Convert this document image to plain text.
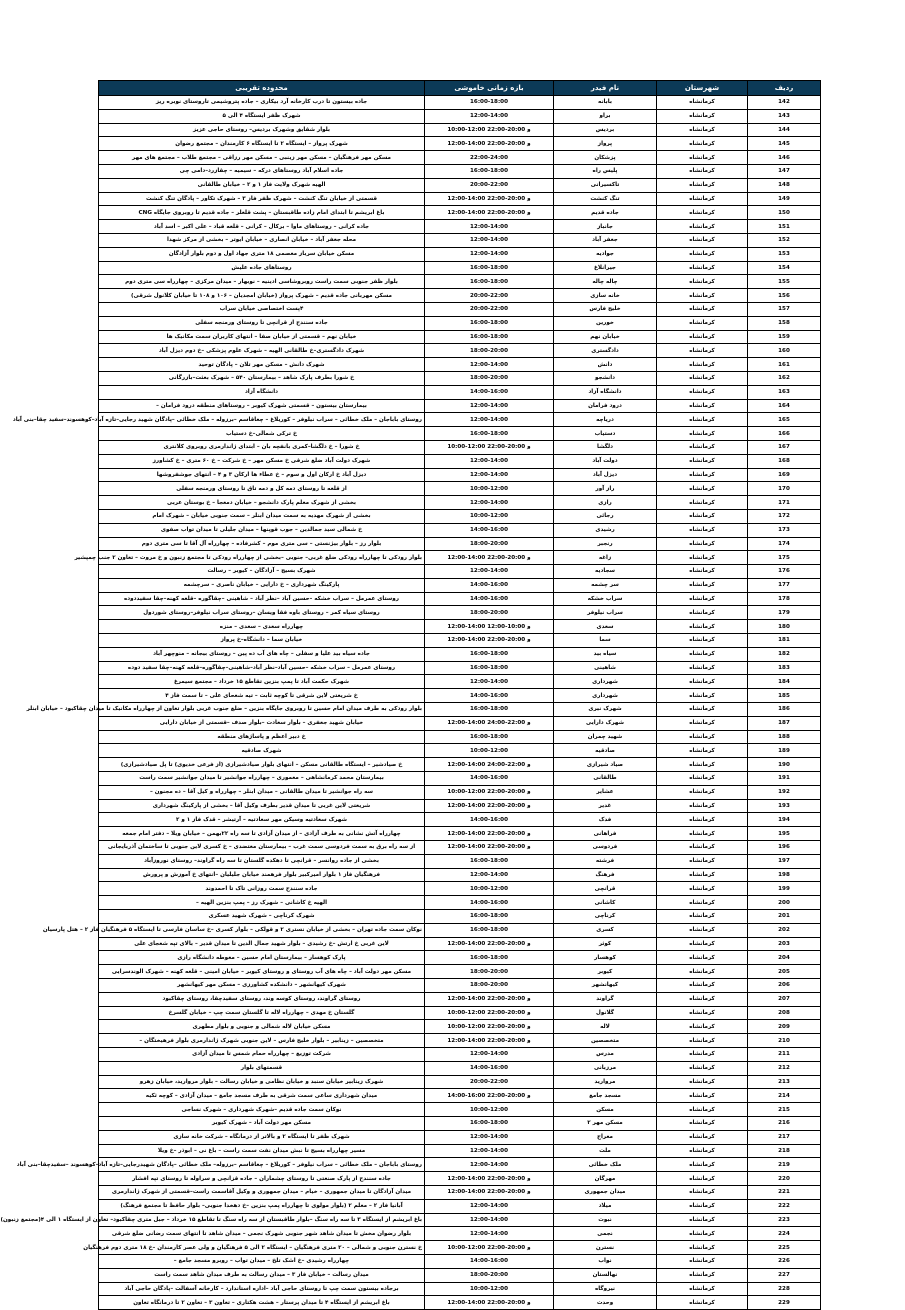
ردیف	شهرستان	نام فیدر	بازه زمانی خاموشی	محدوده تقریبی
142	کرمانشاه	بابانه	16:00-18:00	جاده بیستون تا درب کارخانه آرد بیکاری – جاده پتروشیمی تاروستای نوبره ریز
143	کرمانشاه	براو	12:00-14:00	شهرک ظفر ایستگاه ۴ الی ۵
144	کرمانشاه	بردیس	10:00-12:00 و 20:00-22:00	بلوار شقایق وشهرک بردیس– روستای حاجی عزیز
145	کرمانشاه	پرواز	12:00-14:00 و 20:00-22:00	شهرک پرواز – ایستگاه ۲ تا ایستگاه ۶ کارمندان – مجتمع رضوان
146	کرمانشاه	پزشکان	22:00-24:00	مسکن مهر فرهنگیان – مسکن مهر زینبی – مسکن مهر رزاقی – مجتمع طلاب – مجتمع های مهر
147	کرمانشاه	پلیس راه	16:00-18:00	جاده اسلام آباد روستاهای درکه – سیمیه – چقازرد–دامی چی
148	کرمانشاه	تاکسیرانی	20:00-22:00	الهیه شهرک ولایت فاز ۱ و ۲ – خیابان طالقانی
149	کرمانشاه	تنگ کنشت	12:00-14:00 و 20:00-22:00	قسمتی از خیابان تنگ کنشت – شهرک ظفر فاز ۳ – شهرک تکاور – پادگان تنگ کنشت
150	کرمانشاه	جاده قدیم	12:00-14:00 و 20:00-22:00	باغ ابریشم تا ابتدای امام زاده طاقبستان – پشت قلعلر – جاده قدیم تا روبروی جایگاه CNG
151	کرمانشاه	جانباز	12:00-14:00	جاده کرانی – روستاهای ماوا – برکال – کرانی – قلعه قباد – علی اکبر – اسد آباد
152	کرمانشاه	جعفر آباد	12:00-14:00	محله جعفر آباد – خیابان انصاری – خیابان ایوتر – بخشی از مرکز شهدا
153	کرمانشاه	جوادیه	12:00-14:00	مسکن خیابان سرباز معصمی ۱۸ متری جهاد اول و دوم بلوار آزادگان
154	کرمانشاه	جیرانلاغ	16:00-18:00	روستاهای جاده علیش
155	کرمانشاه	چاله چاله	16:00-18:00	بلوار ظفر جنوبی سمت راست روبروشاسی ادینیه – نوبهار – میدان مرکزی – چهارراه سی متری دوم
156	کرمانشاه	خانه سازی	20:00-22:00	مسکن مهربانی جاده قدیم – شهرک پرواز (خیابان امجدیان – ۱۰۶ و ۱۰۸ تا خیابان کلانول شرقی)
157	کرمانشاه	خلیج فارس	20:00-22:00	۴پست اختصاصی خیابان سراب
158	کرمانشاه	خورین	16:00-18:00	جاده سنندج از قرانچی تا روستای ورمنجه سفلی
159	کرمانشاه	خیابان نهم	16:00-18:00	خیابان نهم – قسمتی از خیابان صفا – انتهای کاربران سمت مکانیک ها
160	کرمانشاه	دادگستری	18:00-20:00	شهرک دادگستری–خ طالقانی الهیه – شهرک علوم پزشکی –خ دوم دیزل آباد
161	کرمانشاه	دانش	12:00-14:00	شهرک دانش – مسکن مهر تلان – پادگان توحید
162	کرمانشاه	دانشجو	18:00-20:00	خ شورا بطرف پارک شاهد – بیمارستان ۵۴۰ – شهرک بعثت–بازرگانی
163	کرمانشاه	دانشگاه آزاد	14:00-16:00	دانشگاه آزاد
164	کرمانشاه	درود فرامان	12:00-14:00	بیمارستان بیستون – قسمتی شهرک کیوبر – روستاهای منطقه درود فرامان –
165	کرمانشاه	درياچه	12:00-14:00	روستای باباجان – ملک خطائی – سراب نیلوفر – کوریلاغ – چغاقاسم –برزوله – ملک خطائی –پادگان شهید رجایی–تازه آباد–کوهسوند–سفید چقا–بنی آباد
166	کرمانشاه	دستیاب	16:00-18:00	خ ترکی شمالی–خ دستیاب
167	کرمانشاه	دلگشا	10:00-12:00 و 20:00-22:00	خ شورا – خ دلگشا–کمری بانفچه بان – ابتدای ژاندارمری روبروی کلانتری
168	کرمانشاه	دولت آباد	12:00-14:00	شهرک دولت آباد ضلع شرقی خ مسکن مهر – خ شرکت – خ ۶۰ متری – خ کشاورز
169	کرمانشاه	دیزل آباد	12:00-14:00	دیزل آباد خ ارکان اول و سوم – خ عطاء ها ارکان ۳ و ۴ – انتهای جوشفروشها
170	کرمانشاه	راز آور	10:00-12:00	از قلعه تا روستای دمه کل و دمه تاق تا روستای ورمنجه سفلی
171	کرمانشاه	رازی	12:00-14:00	بخشی از شهرک معلم پارک دانشجو – خیابان دمعجا – خ بوستان عربی
172	کرمانشاه	رجائی	10:00-12:00	بخشی از شهرک مهدیه به سمت میدان ابنلر – سمت جنوبی خیابان – شهرک امام
173	کرمانشاه	رشیدی	14:00-16:00	خ شمالی سید جمالدین – جوب قوپنها – میدان جلیلی تا میدان تواب صفوی
174	کرمانشاه	رنجبر	18:00-20:00	بلوار رز – بلوار بیژنستی – سی متری موم – کشرفاده – چهارراه آل آقا تا سی متری دوم
175	کرمانشاه	زاغه	12:00-14:00 و 20:00-22:00	بلوار رودکی تا چهارراه رودکی ضلع غربی– جنوبی –بخشی از چهارراه رودکی تا مجتمع زنبون و خ مروت – تعاون ۲ جنب چمپشیر
176	کرمانشاه	سجادیه	12:00-14:00	شهرک بسیج – آزادگان – کیوبر – رسالت
177	کرمانشاه	سر چشمه	14:00-16:00	پارکینگ شهرداری – خ دارایی – خیابان ناصری – سرچشمه
178	کرمانشاه	سراب خشکه	14:00-16:00	روستای عمرمل – سراب خشکه –حسین آباد –نظر آباد – شاهینی –چقاگوره –قلعه کهنه–چقا سفیددوده
179	کرمانشاه	سراب نیلوفر	18:00-20:00	روستای سیاه کمر – روستای باوه فقا ویسان –روستای سراب نیلوفر–روستای شوردول
180	کرمانشاه	سعدی	12:00-14:00 و 10:00-12:00	چهارراه سعدی – سعدی – منزه
181	کرمانشاه	سما	12:00-14:00 و 20:00-22:00	خیابان سما – دانشگاه–خ پرواز
182	کرمانشاه	سیاه بید	16:00-18:00	جاده سیاه بید علیا و سفلی – چاه های آب ده پین – روستای بیجانه – منوچهر آباد
183	کرمانشاه	شاهینی	16:00-18:00	روستای عمرمل – سراب خشکه –حسین آباد–نظر آباد–شاهینی–چقاگوره–قلعه کهنه–چقا سفید دوده
184	کرمانشاه	شهرداری	12:00-14:00	شهرک حکمت آباد تا پمپ بنزین تقاطع ۱۵ خرداد – مجتمع سیمرغ
185	کرمانشاه	شهرداری	14:00-16:00	خ شریعتی لاین شرقی تا کوچه ثابت – تیه شعحای علی – تا سمت فاز ۴
186	کرمانشاه	شهرک نیری	16:00-18:00	بلوار رودکی به طرف میدان امام حسین تا روبروی جایگاه بنزین – ضلع جنوب غربی بلوار تعاون از چهارراه مکانیک تا میدان چقاکبود – خیابان ابنلر
187	کرمانشاه	شهرک دارایی	12:00-14:00 و 22:00-24:00	خیابان شهید جعفری – بلوار سعادت –بلوار صدف –قسمتی از خیابان دارایی
188	کرمانشاه	شهید چمران	16:00-18:00	خ دبیر اعظم و پاساژهای منطقه
189	کرمانشاه	صادقیه	10:00-12:00	شهرک صادقیه
190	کرمانشاه	صیاد شیرازی	12:00-14:00 و 22:00-24:00	خ صیادشیر – ایستگاه طالقانی مسکن – انتهای بلوار صیادشیرازی (از فرعی خدیوی) تا پل صیادشیرازی)
191	کرمانشاه	طالقانی	14:00-16:00	بیمارستان محمد کرمانشاهی – معموری – چهارراه جوانشیر تا میدان جوانشیر سمت راست
192	کرمانشاه	عشایر	10:00-12:00 و 20:00-22:00	سه راه جوانشیر تا میدان طالقانی – میدان ابنلر – چهارراه و کیل آقا – ده مجنون –
193	کرمانشاه	غدیر	12:00-14:00 و 20:00-22:00	شریعتی لاین غربی تا میدان قدیر بطرف وکیل آقا – بخشی از پارکینگ شهرداری
194	کرمانشاه	فدک	14:00-16:00	شهرک سعادتیه وسیکن مهر سعادتیه – آرتیشر – قدک فاز ۱ و ۲
195	کرمانشاه	فراهانی	12:00-14:00 و 20:00-22:00	چهارراه آتش نشانی به طرف آزادی – از میدان آزادی تا سه راه ۲۲بهمن – خیابان ویلا – دفتر امام جمعه
196	کرمانشاه	فردوسی	12:00-14:00 و 20:00-22:00	از سه راه برق به سمت فردوسی سمت غرب – بیمارستان معتضدی – خ کسری لاین جنوبی تا ساختمان آذربایجانی
197	کرمانشاه	فرشته	16:00-18:00	بخشی از جاده روانسر – قرانچی تا دهکده گلستان تا سه راه گراوند– روستای نوروزآباد
198	کرمانشاه	فرهنگ	12:00-14:00	فرهنگیان فاز ۱ بلوار امیرکبیر بلوار فرهمند خیابان جلیلیان –انتهای خ آموزش و پرورش
199	کرمانشاه	قرانچی	10:00-12:00	جاده سنندج سمت روزانی تاک تا احمدوند
200	کرمانشاه	کاشانی	14:00-16:00	الهیه خ کاشانی – شهرک رز – پمپ بنزین الهیه –
201	کرمانشاه	کرناچی	16:00-18:00	شهرک کرناچی – شهرک شهید عسکری
202	کرمانشاه	کسری	16:00-18:00	نوکان سمت جاده تهران – بخشی از خیابان نستری ۲ و قولکی – بلوار کسری –خ ساسان فارسی تا ایستگاه ۵ فرهنگیان فاز ۲ – هتل پارسیان
203	کرمانشاه	کوثر	12:00-14:00 و 20:00-22:00	لاین غربی خ ارتش –خ رشیدی – بلوار شهید جمال الدین تا میدان قدیر – بالای تپه شعجای علی
204	کرمانشاه	کوهسار	16:00-18:00	پارک کوهسار – بیمارستان امام حسین – معوطه دانشگاه رازی
205	کرمانشاه	کیوبر	18:00-20:00	مسکن مهر دولت آباد – چاه های آب روستای و روستای کیوبر – خیابان امینی – قلعه کهنه – شهرک الوندسرایی
206	کرمانشاه	کیهانشهر	18:00-20:00	شهرک کیهانشهر – دانشکده کشاورزی – مسکن مهر کیهانشهر
207	کرمانشاه	گراوند	12:00-14:00 و 20:00-22:00	روستای گراوند، روستای کوسه وند، روستای سفیدچقا، روستای چقاکبود
208	کرمانشاه	گلانول	10:00-12:00 و 20:00-22:00	گلستان خ مهدی – چهارراه لاله تا گلستان سمت چپ – خیابان گلسرخ
209	کرمانشاه	لاله	10:00-12:00 و 20:00-22:00	مسکن خیابان لاله شمالی و جنوبی و بلوار مطهری
210	کرمانشاه	متخصصین	12:00-14:00 و 20:00-22:00	متخصصین – زینابیر – بلوار خلیج فارس – لاین جنوبی شهرک ژاندارمری بلوار فرهیختگان –
211	کرمانشاه	مدرس	12:00-14:00	شرکت توزیع – چهارراه حمام شمس تا میدان آزادی
212	کرمانشاه	مرزبانی	14:00-16:00	قسمتهای بلوار
213	کرمانشاه	مرواريد	20:00-22:00	شهرک زینابیر خیابان سنبد و خیابان نظامی و خیابان رسالت – بلوار مرواريد، خیابان زهرو
214	کرمانشاه	مسجد جامع	14:00-16:00 و 20:00-22:00	میدان شهرداری ساعی سمت شرقی به طرف مسجد جامع – میدان آزادی – کوچه ثکیه
215	کرمانشاه	مسکن	10:00-12:00	نوکان سمت جاده قدیم –شهرک شهرداری – شهرک نساجی
216	کرمانشاه	مسکن مهر ۲	16:00-18:00	مسکن مهر دولت آباد – شهرک کیوبر
217	کرمانشاه	معراج	12:00-14:00	شهرک ظفر تا ایستگاه ۲ و بالاتر از درمانگاه – شرکت خانه سازی
218	کرمانشاه	ملت	12:00-14:00	مسیر چهارراه بسیج تا نبش میدان نفت سمت راست – باغ نی – ابوذر –خ ویلا
219	کرمانشاه	ملک خطائی	12:00-14:00	روستای باباجان – ملک خطائی – سراب نیلوفر – کوریلاغ – چغاقاسم –برزوله– ملک خطائی –پادگان شهیدرجایی–تازه آباد–کوهسوند –سفیدچقا–بنی آباد
220	کرمانشاه	مهرگان	12:00-14:00 و 20:00-22:00	جاده سنندج از پارک صنعتی تا روستای چشماران – جاده قزانچی و سراوله تا روستای تپه افشار
221	کرمانشاه	میدان جمهوری	12:00-14:00 و 20:00-22:00	میدان آزادگان تا میدان جمهوری – خیام – میدان جمهوری و وکیل آقاسمت راست–قسمتی از شهرک ژاندارمری
222	کرمانشاه	میلاد	12:00-14:00	آبانیا فاز ۲ – معلم ۲ (بلوار مولوی تا چهارراه پمپ بنزین –خ دهخدا جنوبی– بلوار حافظ تا مجتمع فرهنگ)
223	کرمانشاه	نبوت	12:00-14:00	باغ ابریشم از ایستگاه ۳ تا سه راه سنگ –بلوار طاقبستان از سه راه سنگ تا تقاطع ۱۵ خرداد – جبل متری چقاکبود– تعاون از ایستگاه ۱ الی ۴(مجتمع زنبون)
224	کرمانشاه	نجمی	12:00-14:00	بلوار رضوان مخش تا میدان شاهد شهر جنوبی شهرک نجمی – میدان شاهد تا انتهای سمت رضانی ضلع شرقی
225	کرمانشاه	نسترن	10:00-12:00 و 20:00-22:00	خ نسترن جنوبی و شمالی – ۲۰ متری فرهنگیان – ایستگاه ۲ الی ۵ فرهنگیان و ولی عصر کارمندان –خ ۱۸ متری دوم فرهنگیان
226	کرمانشاه	نواب	14:00-16:00	چهارراه رشیدی –خ اشک تلخ – میدان تواب – روبرو مسجد جامع –
227	کرمانشاه	نهالستان	18:00-20:00	میدان رسالت – خیابان فاز ۳ – میدان رسالت به طرف میدان شاهد سمت راست
228	کرمانشاه	نیروگاه	10:00-12:00	برجاده بیستون سمت چپ تا روستای حاجی آباد –اداره استاندارد – کارخانه آسفالت –پادگان حاجی آباد
229	کرمانشاه	وحدت	12:00-14:00 و 20:00-22:00	باغ ابریشم از ایستگاه ۴ تا میدان پرستار – هشت هکتاری – تعاون ۳ – تعاون ۲ تا درمانگاه تعاون
